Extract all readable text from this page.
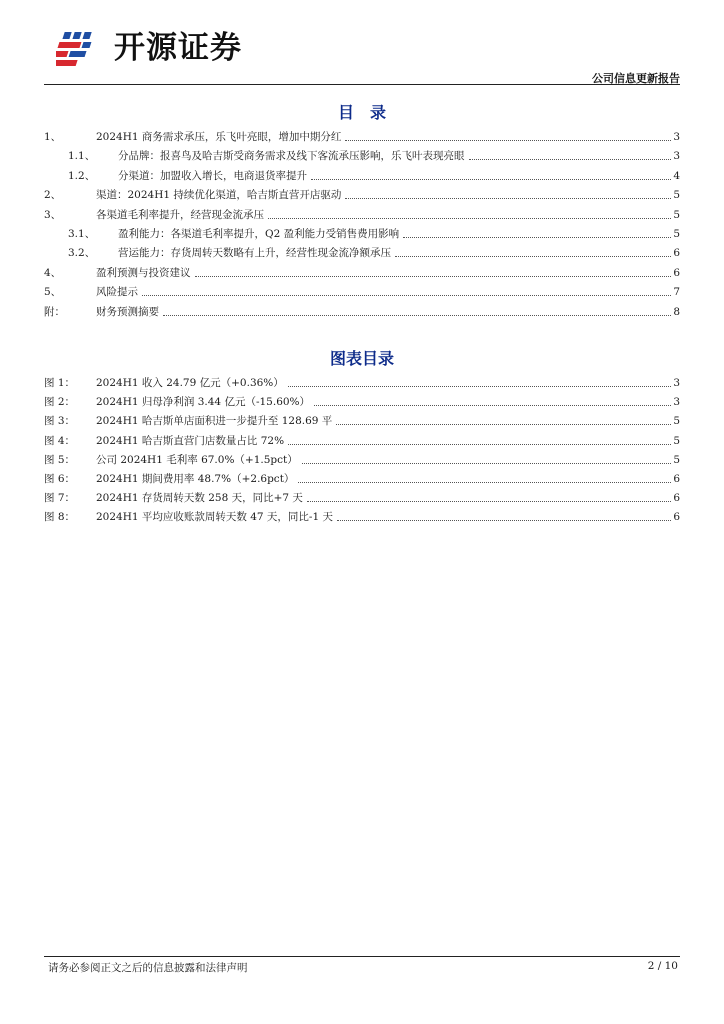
开源证券
公司信息更新报告
目　录
1、	2024H1 商务需求承压，乐飞叶亮眼，增加中期分红	3
1.1、 分品牌：报喜鸟及哈吉斯受商务需求及线下客流承压影响，乐飞叶表现亮眼	3
1.2、 分渠道：加盟收入增长，电商退货率提升	4
2、	渠道：2024H1 持续优化渠道，哈吉斯直营开店驱动	5
3、	各渠道毛利率提升，经营现金流承压	5
3.1、 盈利能力：各渠道毛利率提升，Q2 盈利能力受销售费用影响	5
3.2、 营运能力：存货周转天数略有上升，经营性现金流净额承压	6
4、	盈利预测与投资建议	6
5、	风险提示	7
附：	财务预测摘要	8
图表目录
图 1： 2024H1 收入 24.79 亿元（+0.36%）	3
图 2： 2024H1 归母净利润 3.44 亿元（-15.60%）	3
图 3： 2024H1 哈吉斯单店面积进一步提升至 128.69 平	5
图 4： 2024H1 哈吉斯直营门店数量占比 72%	5
图 5： 公司 2024H1 毛利率 67.0%（+1.5pct）	5
图 6： 2024H1 期间费用率 48.7%（+2.6pct）	6
图 7： 2024H1 存货周转天数 258 天，同比+7 天	6
图 8： 2024H1 平均应收账款周转天数 47 天，同比-1 天	6
请务必参阅正文之后的信息披露和法律声明	2 / 10
